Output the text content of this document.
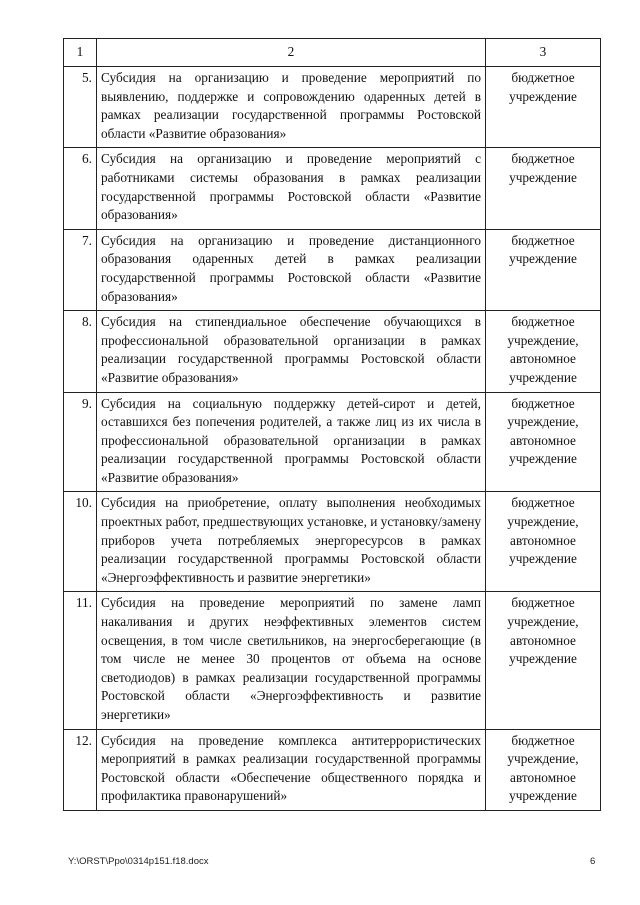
1	2	3
5.	Субсидия на организацию и проведение мероприятий по выявлению, поддержке и сопровождению одаренных детей в рамках реализации государственной программы Ростовской области «Развитие образования»	бюджетное учреждение
6.	Субсидия на организацию и проведение мероприятий с работниками системы образования в рамках реализации государственной программы Ростовской области «Развитие образования»	бюджетное учреждение
7.	Субсидия на организацию и проведение дистанционного образования одаренных детей в рамках реализации государственной программы Ростовской области «Развитие образования»	бюджетное учреждение
8.	Субсидия на стипендиальное обеспечение обучающихся в профессиональной образовательной организации в рамках реализации государственной программы Ростовской области «Развитие образования»	бюджетное учреждение, автономное учреждение
9.	Субсидия на социальную поддержку детей-сирот и детей, оставшихся без попечения родителей, а также лиц из их числа в профессиональной образовательной организации в рамках реализации государственной программы Ростовской области «Развитие образования»	бюджетное учреждение, автономное учреждение
10.	Субсидия на приобретение, оплату выполнения необходимых проектных работ, предшествующих установке, и установку/замену приборов учета потребляемых энергоресурсов в рамках реализации государственной программы Ростовской области «Энергоэффективность и развитие энергетики»	бюджетное учреждение, автономное учреждение
11.	Субсидия на проведение мероприятий по замене ламп накаливания и других неэффективных элементов систем освещения, в том числе светильников, на энергосберегающие (в том числе не менее 30 процентов от объема на основе светодиодов) в рамках реализации государственной программы Ростовской области «Энергоэффективность и развитие энергетики»	бюджетное учреждение, автономное учреждение
12.	Субсидия на проведение комплекса антитеррористических мероприятий в рамках реализации государственной программы Ростовской области «Обеспечение общественного порядка и профилактика правонарушений»	бюджетное учреждение, автономное учреждение
Y:\ORST\Ppo\0314p151.f18.docx	6
